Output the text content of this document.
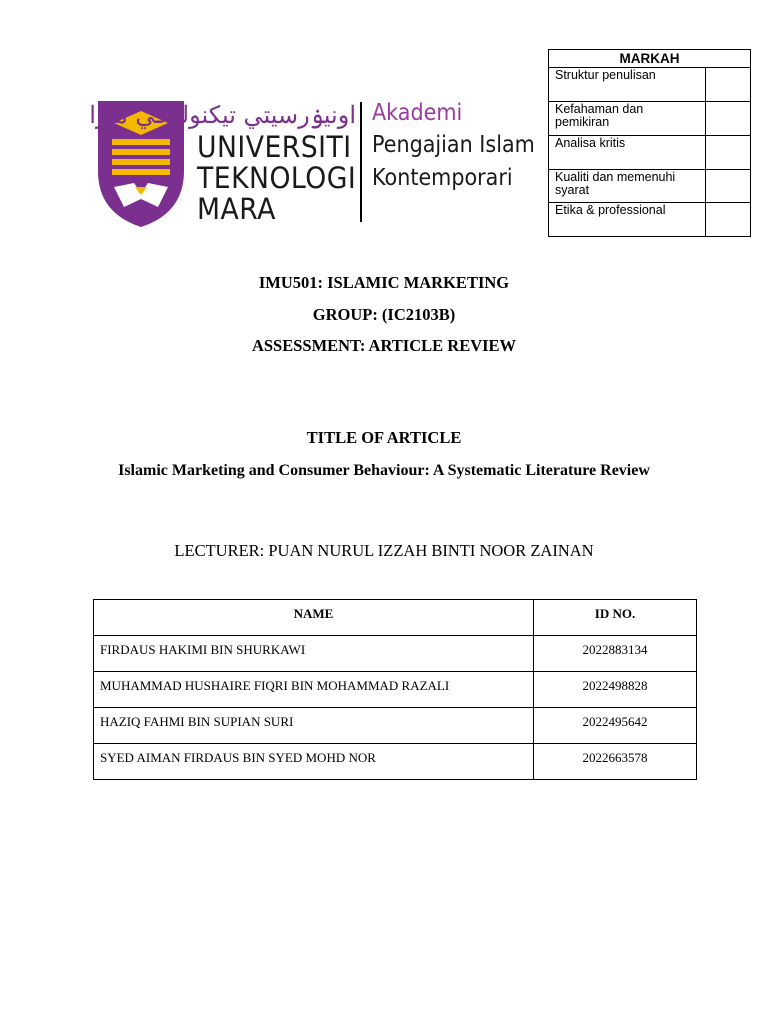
اونيۏرسيتي تيكنولوݢي مارا
UNIVERSITI
TEKNOLOGI
MARA
Akademi
Pengajian Islam
Kontemporari
MARKAH	
Struktur penulisan	
Kefahaman dan pemikiran	
Analisa kritis	
Kualiti dan memenuhi syarat	
Etika & professional	
IMU501: ISLAMIC MARKETING
GROUP: (IC2103B)
ASSESSMENT: ARTICLE REVIEW
TITLE OF ARTICLE
Islamic Marketing and Consumer Behaviour: A Systematic Literature Review
LECTURER: PUAN NURUL IZZAH BINTI NOOR ZAINAN
NAME	ID NO.
FIRDAUS HAKIMI BIN SHURKAWI	2022883134
MUHAMMAD HUSHAIRE FIQRI BIN MOHAMMAD RAZALI	2022498828
HAZIQ FAHMI BIN SUPIAN SURI	2022495642
SYED AIMAN FIRDAUS BIN SYED MOHD NOR	2022663578
